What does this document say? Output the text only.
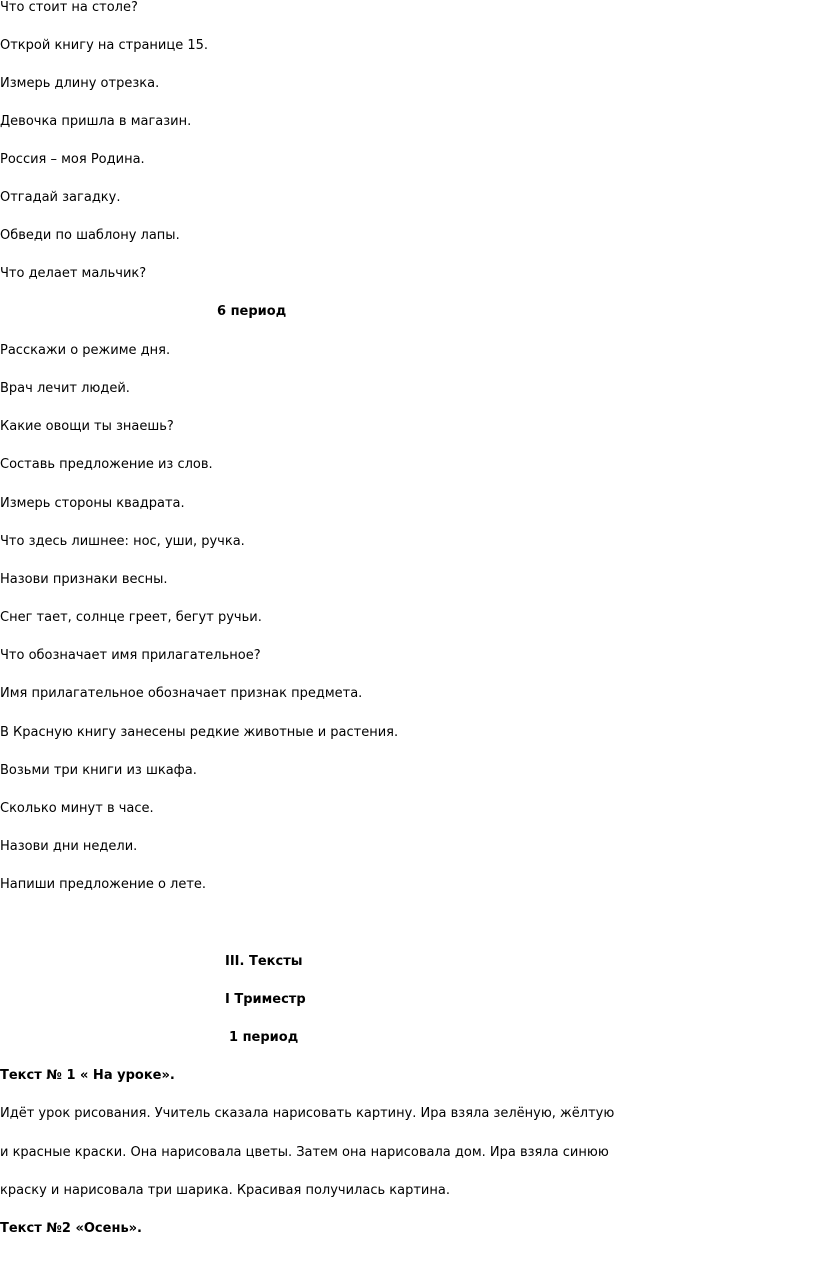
Что стоит на столе?
Открой книгу на странице 15.
Измерь длину отрезка.
Девочка пришла в магазин.
Россия – моя Родина.
Отгадай загадку.
Обведи по шаблону лапы.
Что делает мальчик?
6 период
Расскажи о режиме дня.
Врач лечит людей.
Какие овощи ты знаешь?
Составь предложение из слов.
Измерь стороны квадрата.
Что здесь лишнее: нос, уши, ручка.
Назови признаки весны.
Снег тает, солнце греет, бегут ручьи.
Что обозначает имя прилагательное?
Имя прилагательное обозначает признак предмета.
В Красную книгу занесены редкие животные и растения.
Возьми три книги из шкафа.
Сколько минут в часе.
Назови дни недели.
Напиши предложение о лете.
III. Тексты
I Триместр
1 период
Текст № 1 « На уроке».
Идёт урок рисования. Учитель сказала нарисовать картину. Ира взяла зелёную, жёлтую
и красные краски. Она нарисовала цветы. Затем она нарисовала дом. Ира взяла синюю
краску и нарисовала три шарика. Красивая получилась картина.
Текст №2 «Осень».
